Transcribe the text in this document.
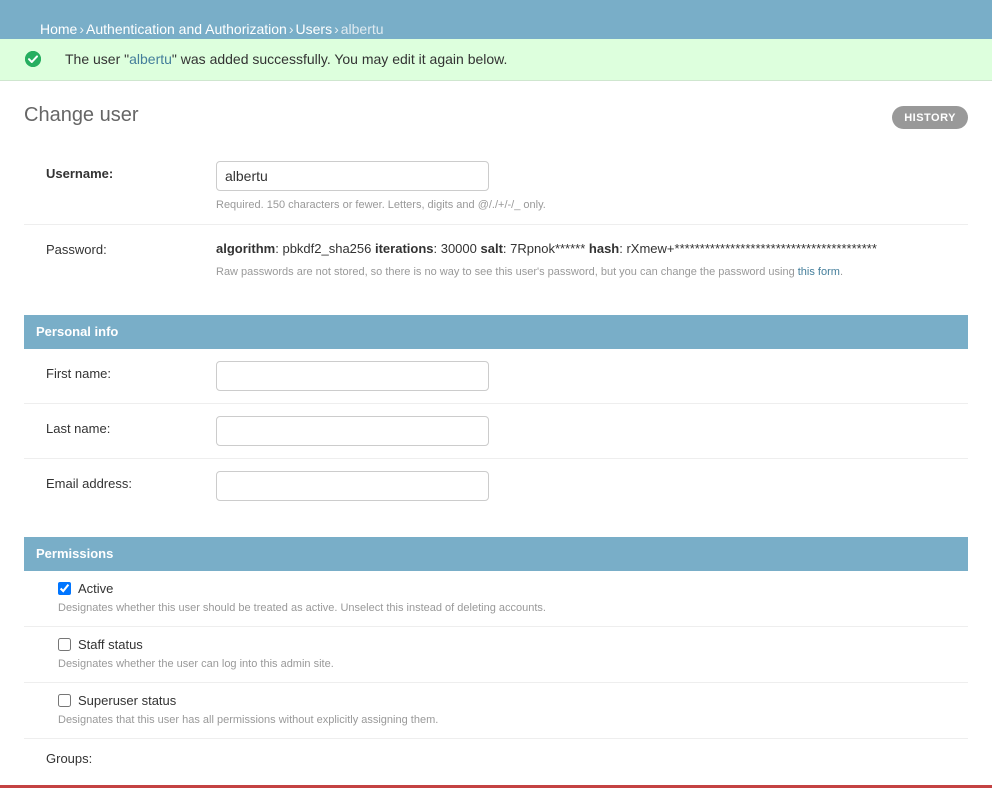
Home › Authentication and Authorization › Users › albertu
The user "albertu" was added successfully. You may edit it again below.
Change user	HISTORY
Username:
albertu
Required. 150 characters or fewer. Letters, digits and @/./+/-/_ only.
Password:	algorithm: pbkdf2_sha256 iterations: 30000 salt: 7Rpnok****** hash: rXmew+****************************************
Raw passwords are not stored, so there is no way to see this user's password, but you can change the password using this form.
Personal info
First name:
Last name:
Email address:
Permissions
Active
Designates whether this user should be treated as active. Unselect this instead of deleting accounts.
Staff status
Designates whether the user can log into this admin site.
Superuser status
Designates that this user has all permissions without explicitly assigning them.
Groups:
